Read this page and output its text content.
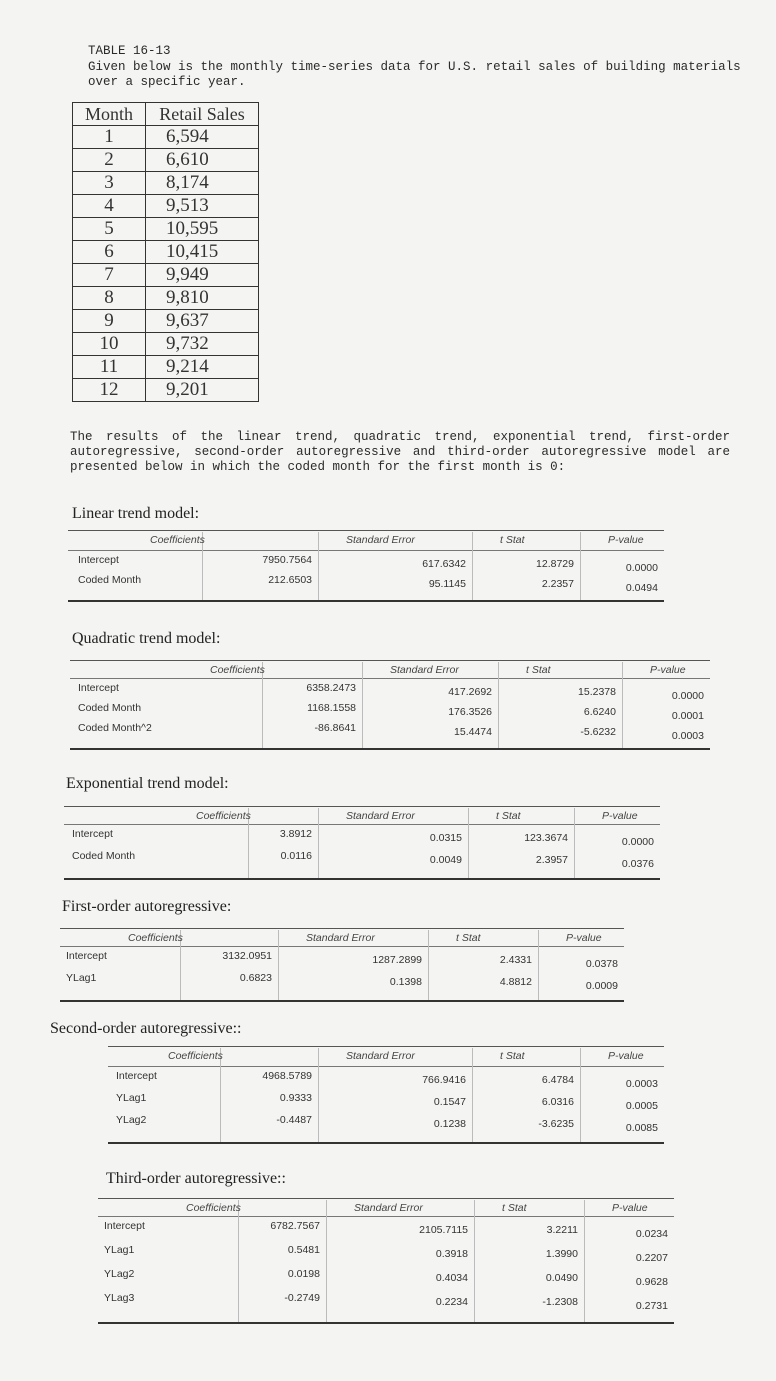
TABLE 16-13
Given below is the monthly time-series data for U.S. retail sales of building materials over a specific year.
Month	Retail Sales
1	6,594
2	6,610
3	8,174
4	9,513
5	10,595
6	10,415
7	9,949
8	9,810
9	9,637
10	9,732
11	9,214
12	9,201
The results of the linear trend, quadratic trend, exponential trend, first-order autoregressive, second-order autoregressive and third-order autoregressive model are presented below in which the coded month for the first month is 0:
Linear trend model:
Coefficients	Standard Error	t Stat	P-value
Intercept	7950.7564	617.6342	12.8729	0.0000
Coded Month	212.6503	95.1145	2.2357	0.0494
Quadratic trend model:
Coefficients	Standard Error	t Stat	P-value
Intercept	6358.2473	417.2692	15.2378	0.0000
Coded Month	1168.1558	176.3526	6.6240	0.0001
Coded Month^2	-86.8641	15.4474	-5.6232	0.0003
Exponential trend model:
Coefficients	Standard Error	t Stat	P-value
Intercept	3.8912	0.0315	123.3674	0.0000
Coded Month	0.0116	0.0049	2.3957	0.0376
First-order autoregressive:
Coefficients	Standard Error	t Stat	P-value
Intercept	3132.0951	1287.2899	2.4331	0.0378
YLag1	0.6823	0.1398	4.8812	0.0009
Second-order autoregressive::
Coefficients	Standard Error	t Stat	P-value
Intercept	4968.5789	766.9416	6.4784	0.0003
YLag1	0.9333	0.1547	6.0316	0.0005
YLag2	-0.4487	0.1238	-3.6235	0.0085
Third-order autoregressive::
Coefficients	Standard Error	t Stat	P-value
Intercept	6782.7567	2105.7115	3.2211	0.0234
YLag1	0.5481	0.3918	1.3990	0.2207
YLag2	0.0198	0.4034	0.0490	0.9628
YLag3	-0.2749	0.2234	-1.2308	0.2731
